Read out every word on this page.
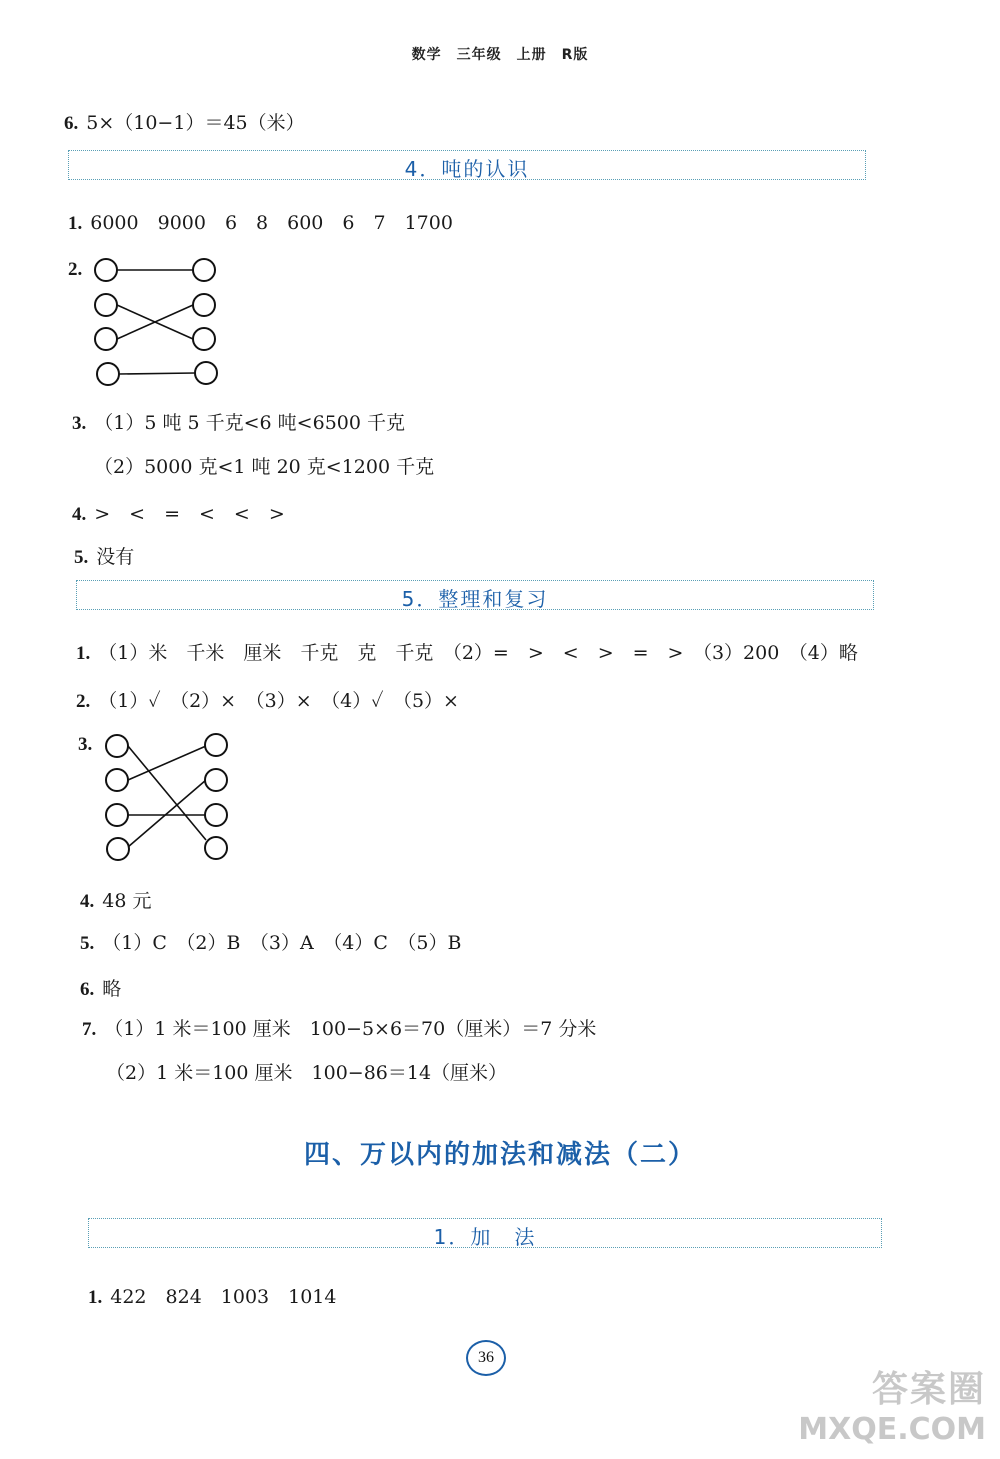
数学　三年级　上册　R版
6. 5×（10−1）＝45（米）
4．吨的认识
1. 6000　9000　6　8　600　6　7　1700
2.
3. （1）5 吨 5 千克<6 吨<6500 千克
（2）5000 克<1 吨 20 克<1200 千克
4. >　<　=　<　<　>
5. 没有
5．整理和复习
1. （1）米　千米　厘米　千克　克　千克　（2）=　>　<　>　=　>　（3）200　（4）略
2. （1）✓　（2）×　（3）×　（4）✓　（5）×
3.
4. 48 元
5. （1）C　（2）B　（3）A　（4）C　（5）B
6. 略
7. （1）1 米＝100 厘米　100−5×6＝70（厘米）＝7 分米
（2）1 米＝100 厘米　100−86＝14（厘米）
四、万以内的加法和减法（二）
1．加　法
1. 422　824　1003　1014
36
答案圈
MXQE.COM
